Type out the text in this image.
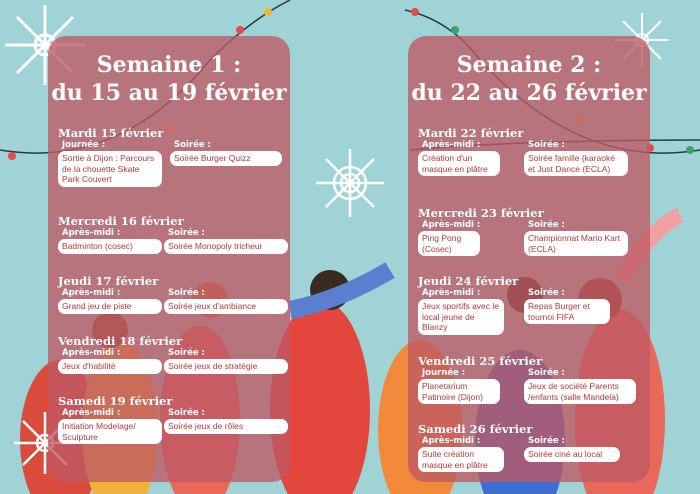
Semaine 1 :
du 15 au 19 février
Mardi 15 février
Journée :
Sortie à Dijon : Parcours de la chouette Skate Park Couvert
Soirée :
Soirée Burger Quizz
Mercredi 16 février
Après-midi :
Badminton (cosec)
Soirée :
Soirée Monopoly tricheur
Jeudi 17 février
Après-midi :
Grand jeu de piste
Soirée :
Soirée jeux d'ambiance
Vendredi 18 février
Après-midi :
Jeux d'habilité
Soirée :
Soirée jeux de stratégie
Samedi 19 février
Après-midi :
Initiation Modelage/ Sculpture
Soirée :
Soirée jeux de rôles
Semaine 2 :
du 22 au 26 février
Mardi 22 février
Après-midi :
Création d'un masque en plâtre
Soirée :
Soirée famille (karaoké et Just Dance (ECLA)
Mercredi 23 février
Après-midi :
Ping Pong (Cosec)
Soirée :
Championnat Mario Kart (ECLA)
Jeudi 24 février
Après-midi :
Jeux sportifs avec le local jeune de Blanzy
Soirée :
Repas Burger et tournoi FIFA
Vendredi 25 février
Journée :
Planetarium Patinoire (Dijon)
Soirée :
Jeux de société Parents /enfants (salle Mandela)
Samedi 26 février
Après-midi :
Suite création masque en plâtre
Soirée :
Soirée ciné au local
